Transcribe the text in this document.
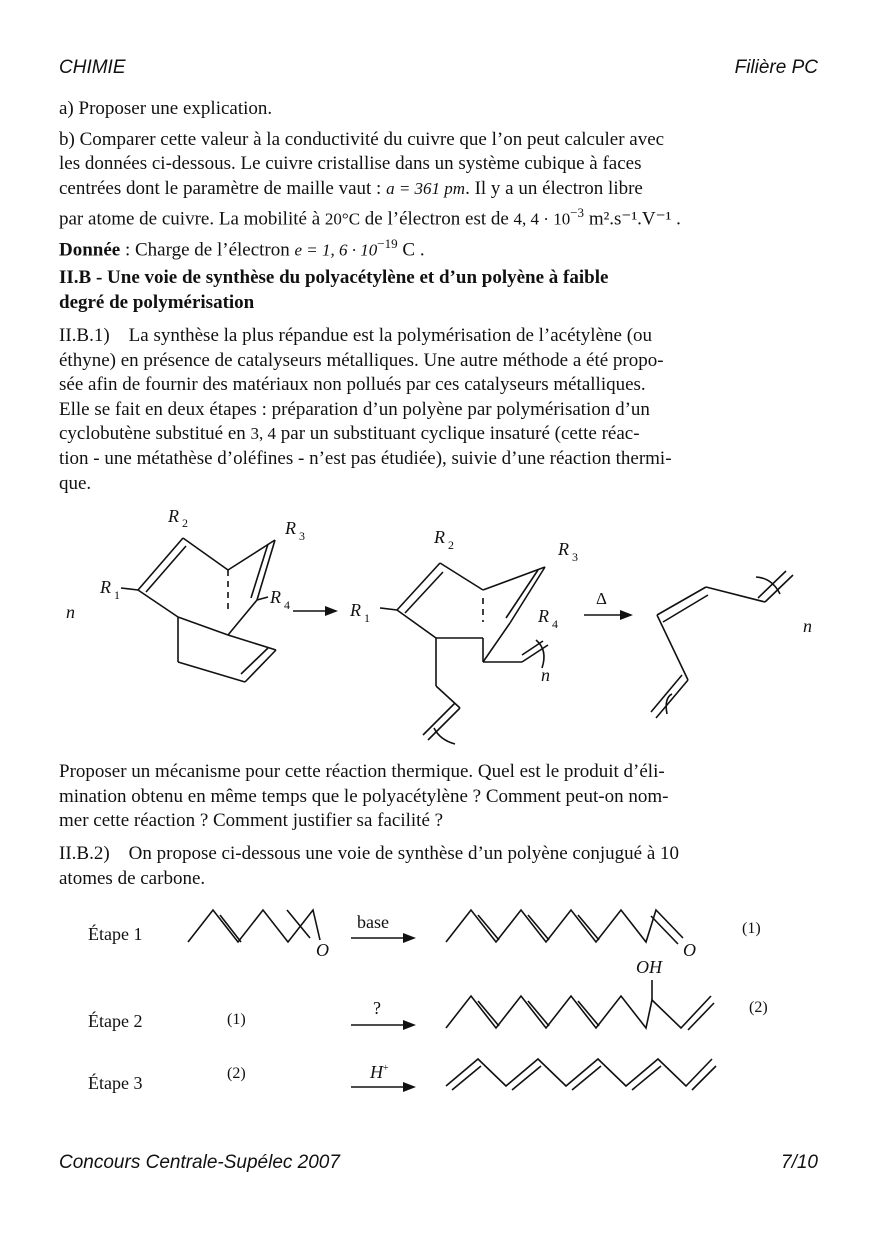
CHIMIE	Filière PC

a) Proposer une explication.

b) Comparer cette valeur à la conductivité du cuivre que l’on peut calculer avec
les données ci-dessous. Le cuivre cristallise dans un système cubique à faces
centrées dont le paramètre de maille vaut : a = 361 pm. Il y a un électron libre
par atome de cuivre. La mobilité à 20°C de l’électron est de 4, $4 \cdot 10^{-3}$ m².s⁻¹.V⁻¹ .
Donnée : Charge de l’électron e = 1, $6 \cdot 10^{-19}$ C .

II.B - Une voie de synthèse du polyacétylène et d’un polyène à faible
degré de polymérisation

II.B.1) La synthèse la plus répandue est la polymérisation de l’acétylène (ou
éthyne) en présence de catalyseurs métalliques. Une autre méthode a été propo-
sée afin de fournir des matériaux non pollués par ces catalyseurs métalliques.
Elle se fait en deux étapes : préparation d’un polyène par polymérisation d’un
cyclobutène substitué en 3, 4 par un substituant cyclique insaturé (cette réac-
tion - une métathèse d’oléfines - n’est pas étudiée), suivie d’une réaction thermi-
que.

R 2	R 3
R 1	R 4
n
R 2	R 3
R 1	R 4
n
Δ
n

Proposer un mécanisme pour cette réaction thermique. Quel est le produit d’éli-
mination obtenu en même temps que le polyacétylène ? Comment peut-on nom-
mer cette réaction ? Comment justifier sa facilité ?

II.B.2) On propose ci-dessous une voie de synthèse d’un polyène conjugué à 10
atomes de carbone.

Étape 1
Étape 2
Étape 3
(1)
(2)
base
?
H+
(1)
(2)
O	O
OH
Concours Centrale-Supélec 2007	7/10
